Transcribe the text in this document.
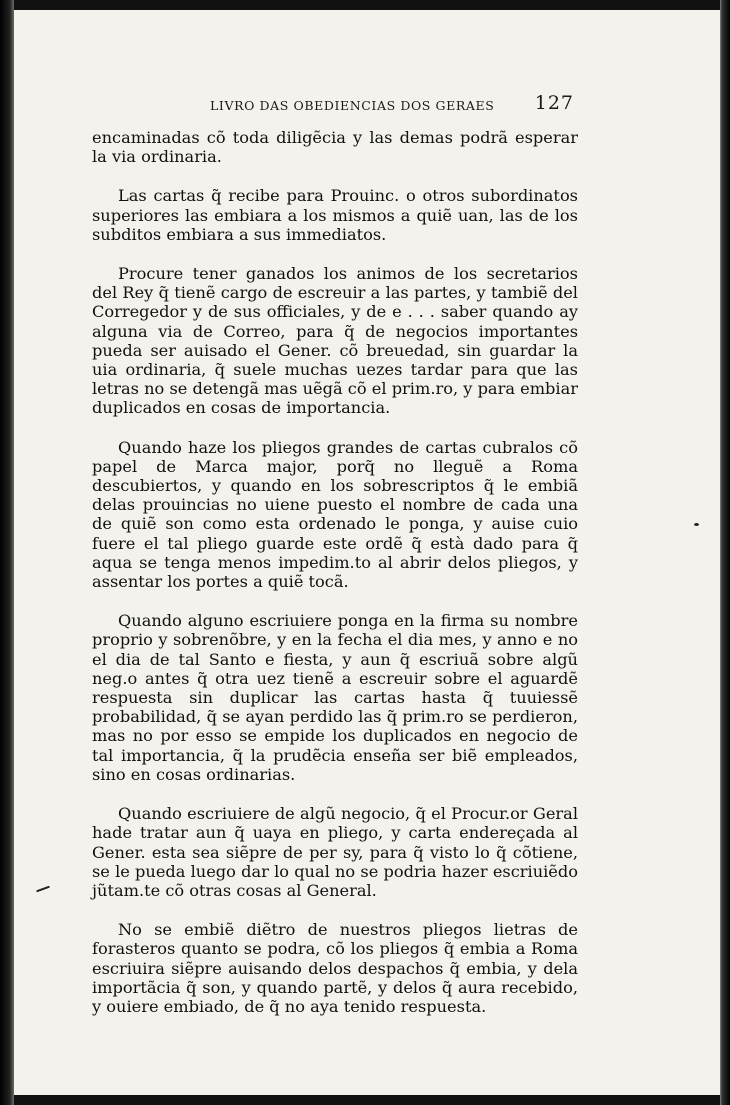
LIVRO DAS OBEDIENCIAS DOS GERAES 127

encaminadas cõ toda diligẽcia y las demas podrã esperar la via ordinaria.

Las cartas q̃ recibe para Prouinc. o otros subordinatos superiores las embiara a los mismos a quiẽ uan, las de los subditos embiara a sus immediatos.

Procure tener ganados los animos de los secretarios del Rey q̃ tienẽ cargo de escreuir a las partes, y tambiẽ del Corregedor y de sus officiales, y de e . . . saber quando ay alguna via de Correo, para q̃ de negocios importantes pueda ser auisado el Gener. cõ breuedad, sin guardar la uia ordinaria, q̃ suele muchas uezes tardar para que las letras no se detengã mas uẽgã cõ el prim.ro, y para embiar duplicados en cosas de importancia.

Quando haze los pliegos grandes de cartas cubralos cõ papel de Marca major, porq̃ no lleguẽ a Roma descubiertos, y quando en los sobrescriptos q̃ le embiã delas prouincias no uiene puesto el nombre de cada una de quiẽ son como esta ordenado le ponga, y auise cuio fuere el tal pliego guarde este ordẽ q̃ està dado para q̃ aqua se tenga menos impedim.to al abrir delos pliegos, y assentar los portes a quiẽ tocã.

Quando alguno escriuiere ponga en la firma su nombre proprio y sobrenõbre, y en la fecha el dia mes, y anno e no el dia de tal Santo e fiesta, y aun q̃ escriuã sobre algũ neg.o antes q̃ otra uez tienẽ a escreuir sobre el aguardẽ respuesta sin duplicar las cartas hasta q̃ tuuiessẽ probabilidad, q̃ se ayan perdido las q̃ prim.ro se perdieron, mas no por esso se empide los duplicados en negocio de tal importancia, q̃ la prudẽcia enseña ser biẽ empleados, sino en cosas ordinarias.

Quando escriuiere de algũ negocio, q̃ el Procur.or Geral hade tratar aun q̃ uaya en pliego, y carta endereçada al Gener. esta sea siẽpre de per sy, para q̃ visto lo q̃ cõtiene, se le pueda luego dar lo qual no se podria hazer escriuiẽdo jũtam.te cõ otras cosas al General.

No se embiẽ diẽtro de nuestros pliegos lietras de forasteros quanto se podra, cõ los pliegos q̃ embia a Roma escriuira siẽpre auisando delos despachos q̃ embia, y dela importãcia q̃ son, y quando partẽ, y delos q̃ aura recebido, y ouiere embiado, de q̃ no aya tenido respuesta.
